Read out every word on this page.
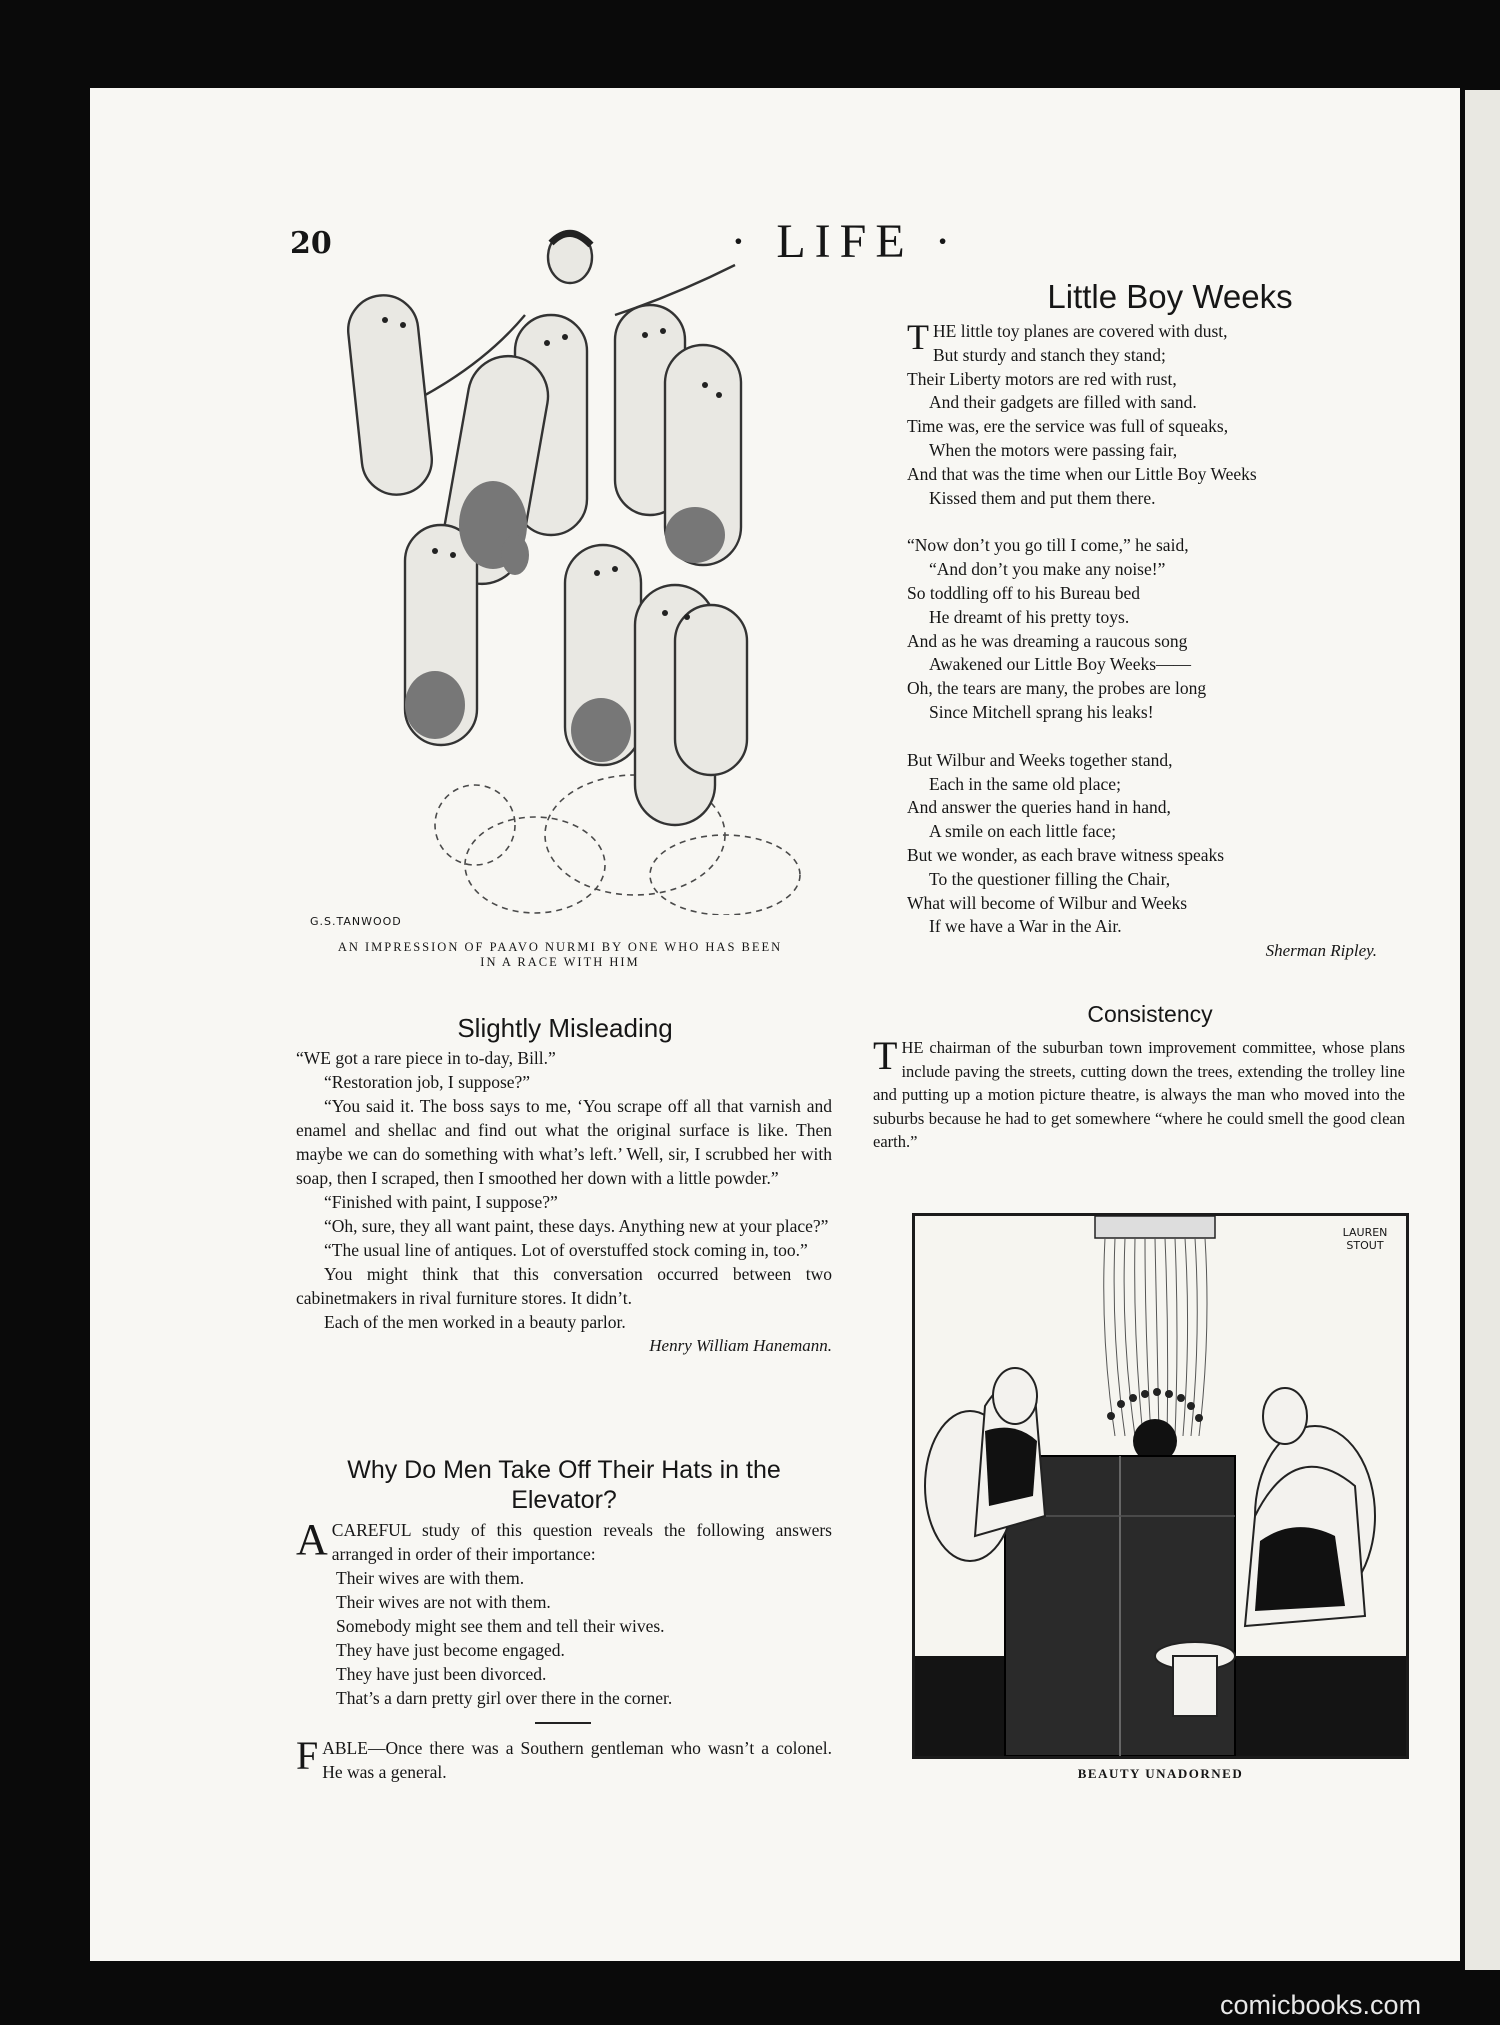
20	· LIFE ·
G.S.TANWOOD
AN IMPRESSION OF PAAVO NURMI BY ONE WHO HAS BEEN
IN A RACE WITH HIM
Little Boy Weeks
T HE little toy planes are covered with dust,
But sturdy and stanch they stand;
Their Liberty motors are red with rust,
And their gadgets are filled with sand.
Time was, ere the service was full of squeaks,
When the motors were passing fair,
And that was the time when our Little Boy Weeks
Kissed them and put them there.
“Now don’t you go till I come,” he said,
“And don’t you make any noise!”
So toddling off to his Bureau bed
He dreamt of his pretty toys.
And as he was dreaming a raucous song
Awakened our Little Boy Weeks——
Oh, the tears are many, the probes are long
Since Mitchell sprang his leaks!
But Wilbur and Weeks together stand,
Each in the same old place;
And answer the queries hand in hand,
A smile on each little face;
But we wonder, as each brave witness speaks
To the questioner filling the Chair,
What will become of Wilbur and Weeks
If we have a War in the Air.
Sherman Ripley.
Slightly Misleading

“WE got a rare piece in to-day, Bill.”

“Restoration job, I suppose?”

“You said it. The boss says to me, ‘You scrape off all that varnish and enamel and shellac and find out what the original surface is like. Then maybe we can do something with what’s left.’ Well, sir, I scrubbed her with soap, then I scraped, then I smoothed her down with a little powder.”

“Finished with paint, I suppose?”

“Oh, sure, they all want paint, these days. Anything new at your place?”

“The usual line of antiques. Lot of overstuffed stock coming in, too.”

You might think that this conversation occurred between two cabinetmakers in rival furniture stores. It didn’t.

Each of the men worked in a beauty parlor.

Henry William Hanemann.
Why Do Men Take Off Their Hats in the
Elevator?
A CAREFUL study of this question reveals the following answers arranged in order of their importance:
Their wives are with them.
Their wives are not with them.
Somebody might see them and tell their wives.
They have just become engaged.
They have just been divorced.
That’s a darn pretty girl over there in the corner.
F ABLE—Once there was a Southern gentleman who wasn’t a colonel. He was a general.
Consistency
T HE chairman of the suburban town improvement committee, whose plans include paving the streets, cutting down the trees, extending the trolley line and putting up a motion picture theatre, is always the man who moved into the suburbs because he had to get somewhere “where he could smell the good clean earth.”
LAUREN STOUT
BEAUTY UNADORNED
comicbooks.com
